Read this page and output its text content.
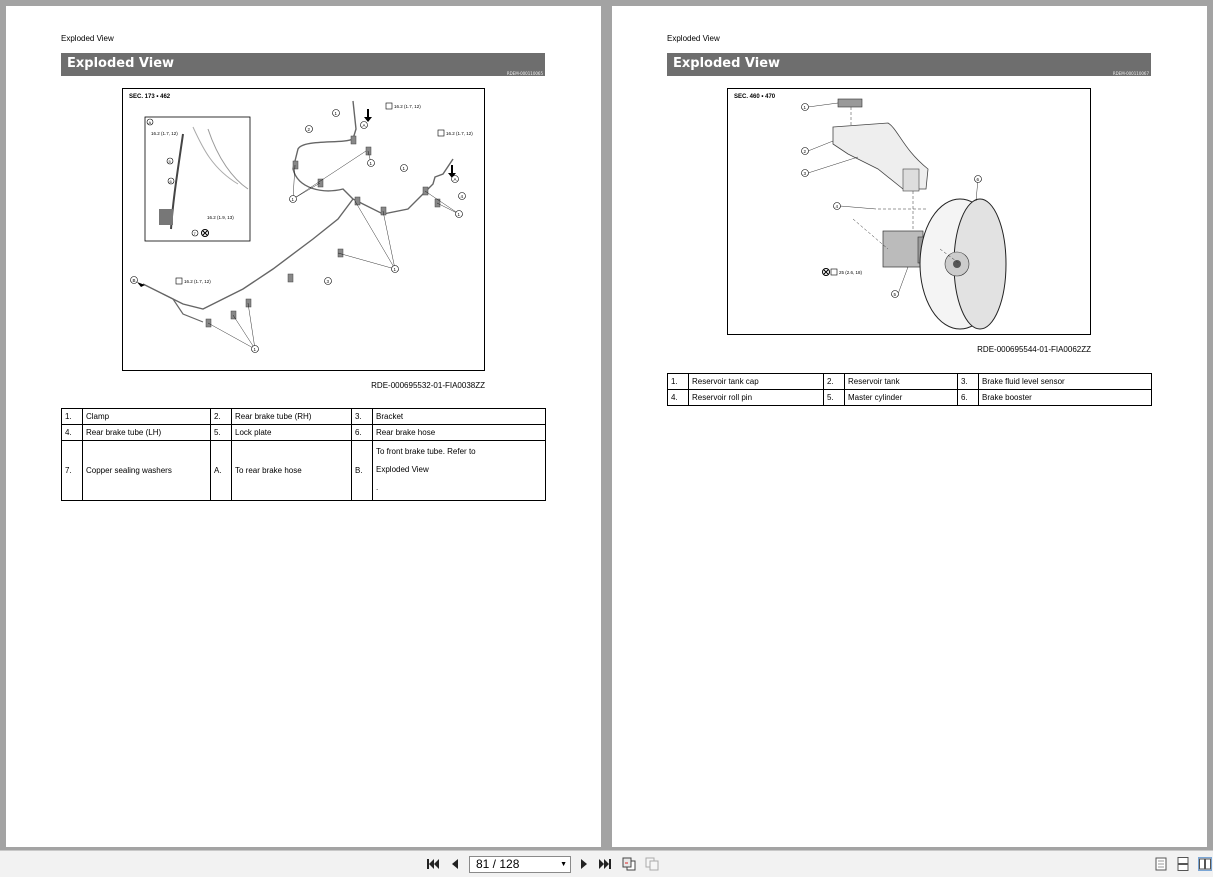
Exploded View
Exploded View
RDEM-000110065
SEC. 173 • 462
A
16.2 (1.7, 12)
16.2 (1.9, 13)
5
6
7
1
1
1
1
1
1
1
2
3
4
A
A
B
16.2 (1.7, 12)
16.2 (1.7, 12)
16.2 (1.7, 12)
RDE-000695532-01-FIA0038ZZ
1.	Clamp	2.	Rear brake tube (RH)	3.	Bracket
4.	Rear brake tube (LH)	5.	Lock plate	6.	Rear brake hose
7.	Copper sealing washers	A.	To rear brake hose	B.	To front brake tube. Refer to
Exploded View
.
Exploded View
Exploded View
RDEM-000110067
SEC. 460 • 470
1
2
3
4
5
6
25 (2.6, 18)
RDE-000695544-01-FIA0062ZZ
1.	Reservoir tank cap	2.	Reservoir tank	3.	Brake fluid level sensor
4.	Reservoir roll pin	5.	Master cylinder	6.	Brake booster
81 / 128	▼
